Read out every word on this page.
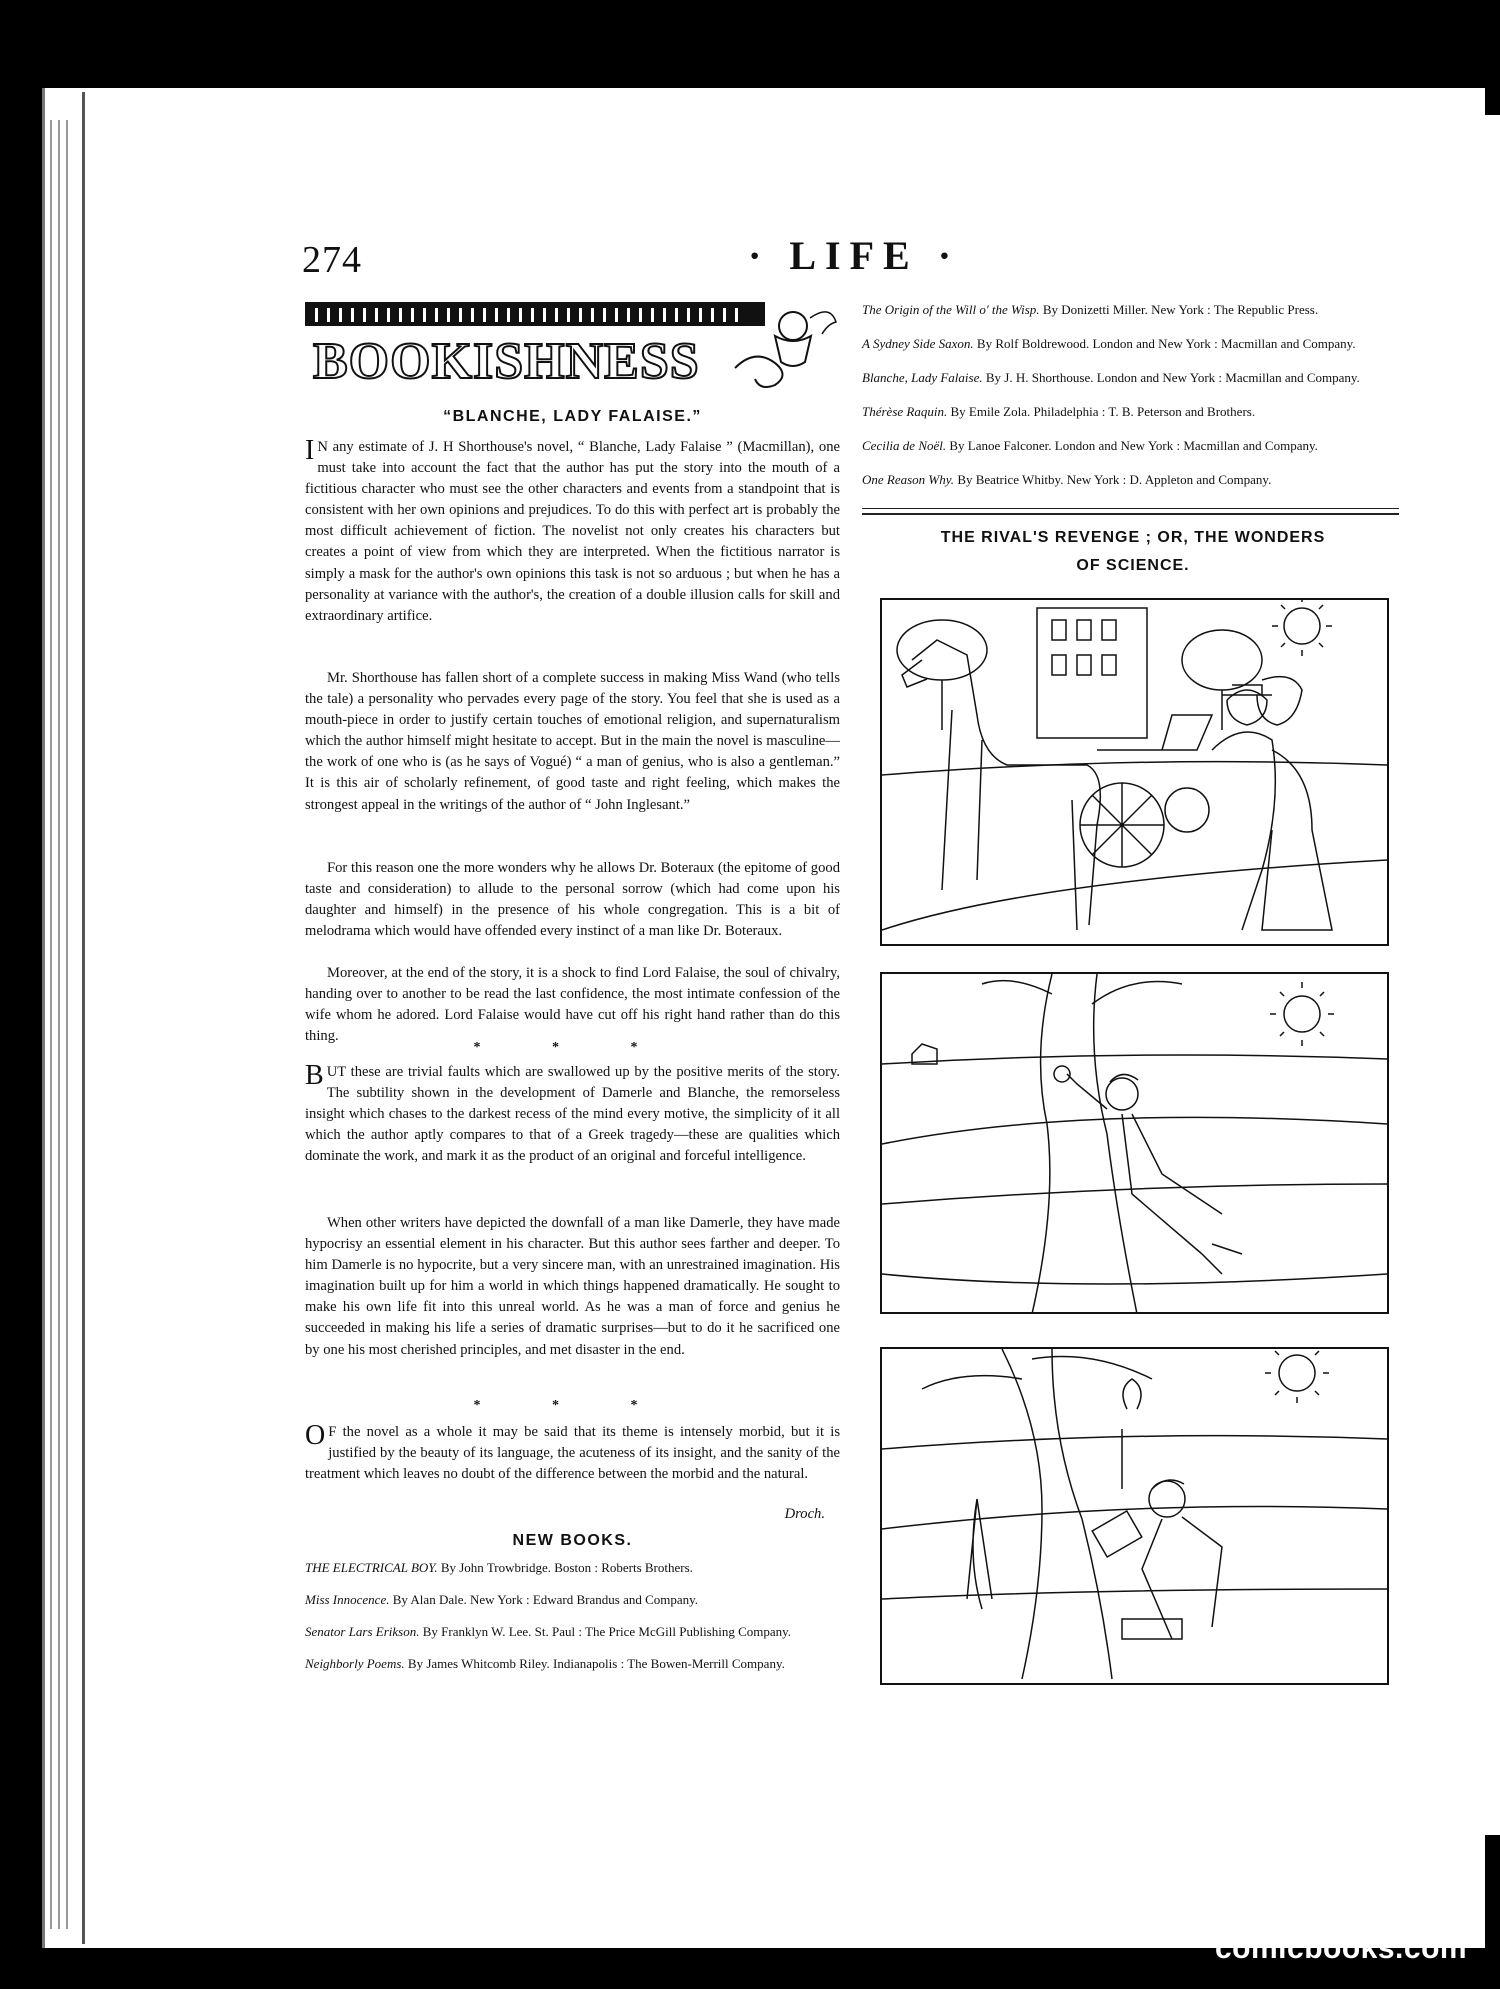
274	· LIFE ·
BOOKISHNESS
“BLANCHE, LADY FALAISE.”

I N any estimate of J. H Shorthouse's novel, “ Blanche, Lady Falaise ” (Macmillan), one must take into account the fact that the author has put the story into the mouth of a fictitious character who must see the other characters and events from a standpoint that is consistent with her own opinions and prejudices. To do this with perfect art is probably the most difficult achievement of fiction. The novelist not only creates his characters but creates a point of view from which they are interpreted. When the fictitious narrator is simply a mask for the author's own opinions this task is not so arduous ; but when he has a personality at variance with the author's, the creation of a double illusion calls for skill and extraordinary artifice.

Mr. Shorthouse has fallen short of a complete success in making Miss Wand (who tells the tale) a personality who pervades every page of the story. You feel that she is used as a mouth-piece in order to justify certain touches of emotional religion, and supernaturalism which the author himself might hesitate to accept. But in the main the novel is masculine—the work of one who is (as he says of Vogué) “ a man of genius, who is also a gentleman.” It is this air of scholarly refinement, of good taste and right feeling, which makes the strongest appeal in the writings of the author of “ John Inglesant.”

For this reason one the more wonders why he allows Dr. Boteraux (the epitome of good taste and consideration) to allude to the personal sorrow (which had come upon his daughter and himself) in the presence of his whole congregation. This is a bit of melodrama which would have offended every instinct of a man like Dr. Boteraux.

Moreover, at the end of the story, it is a shock to find Lord Falaise, the soul of chivalry, handing over to another to be read the last confidence, the most intimate confession of the wife whom he adored. Lord Falaise would have cut off his right hand rather than do this thing.

* * *

BUT these are trivial faults which are swallowed up by the positive merits of the story. The subtility shown in the development of Damerle and Blanche, the remorseless insight which chases to the darkest recess of the mind every motive, the simplicity of it all which the author aptly compares to that of a Greek tragedy—these are qualities which dominate the work, and mark it as the product of an original and forceful intelligence.

When other writers have depicted the downfall of a man like Damerle, they have made hypocrisy an essential element in his character. But this author sees farther and deeper. To him Damerle is no hypocrite, but a very sincere man, with an unrestrained imagination. His imagination built up for him a world in which things happened dramatically. He sought to make his own life fit into this unreal world. As he was a man of force and genius he succeeded in making his life a series of dramatic surprises—but to do it he sacrificed one by one his most cherished principles, and met disaster in the end.

* * *

O F the novel as a whole it may be said that its theme is intensely morbid, but it is justified by the beauty of its language, the acuteness of its insight, and the sanity of the treatment which leaves no doubt of the difference between the morbid and the natural.

Droch.
NEW BOOKS.
THE ELECTRICAL BOY. By John Trowbridge. Boston : Roberts Brothers.
Miss Innocence. By Alan Dale. New York : Edward Brandus and Company.
Senator Lars Erikson. By Franklyn W. Lee. St. Paul : The Price McGill Publishing Company.
Neighborly Poems. By James Whitcomb Riley. Indianapolis : The Bowen-Merrill Company.
The Origin of the Will o' the Wisp. By Donizetti Miller. New York : The Republic Press.
A Sydney Side Saxon. By Rolf Boldrewood. London and New York : Macmillan and Company.
Blanche, Lady Falaise. By J. H. Shorthouse. London and New York : Macmillan and Company.
Thérèse Raquin. By Emile Zola. Philadelphia : T. B. Peterson and Brothers.
Cecilia de Noël. By Lanoe Falconer. London and New York : Macmillan and Company.
One Reason Why. By Beatrice Whitby. New York : D. Appleton and Company.
THE RIVAL'S REVENGE ; OR, THE WONDERS
OF SCIENCE.
comicbooks.com
